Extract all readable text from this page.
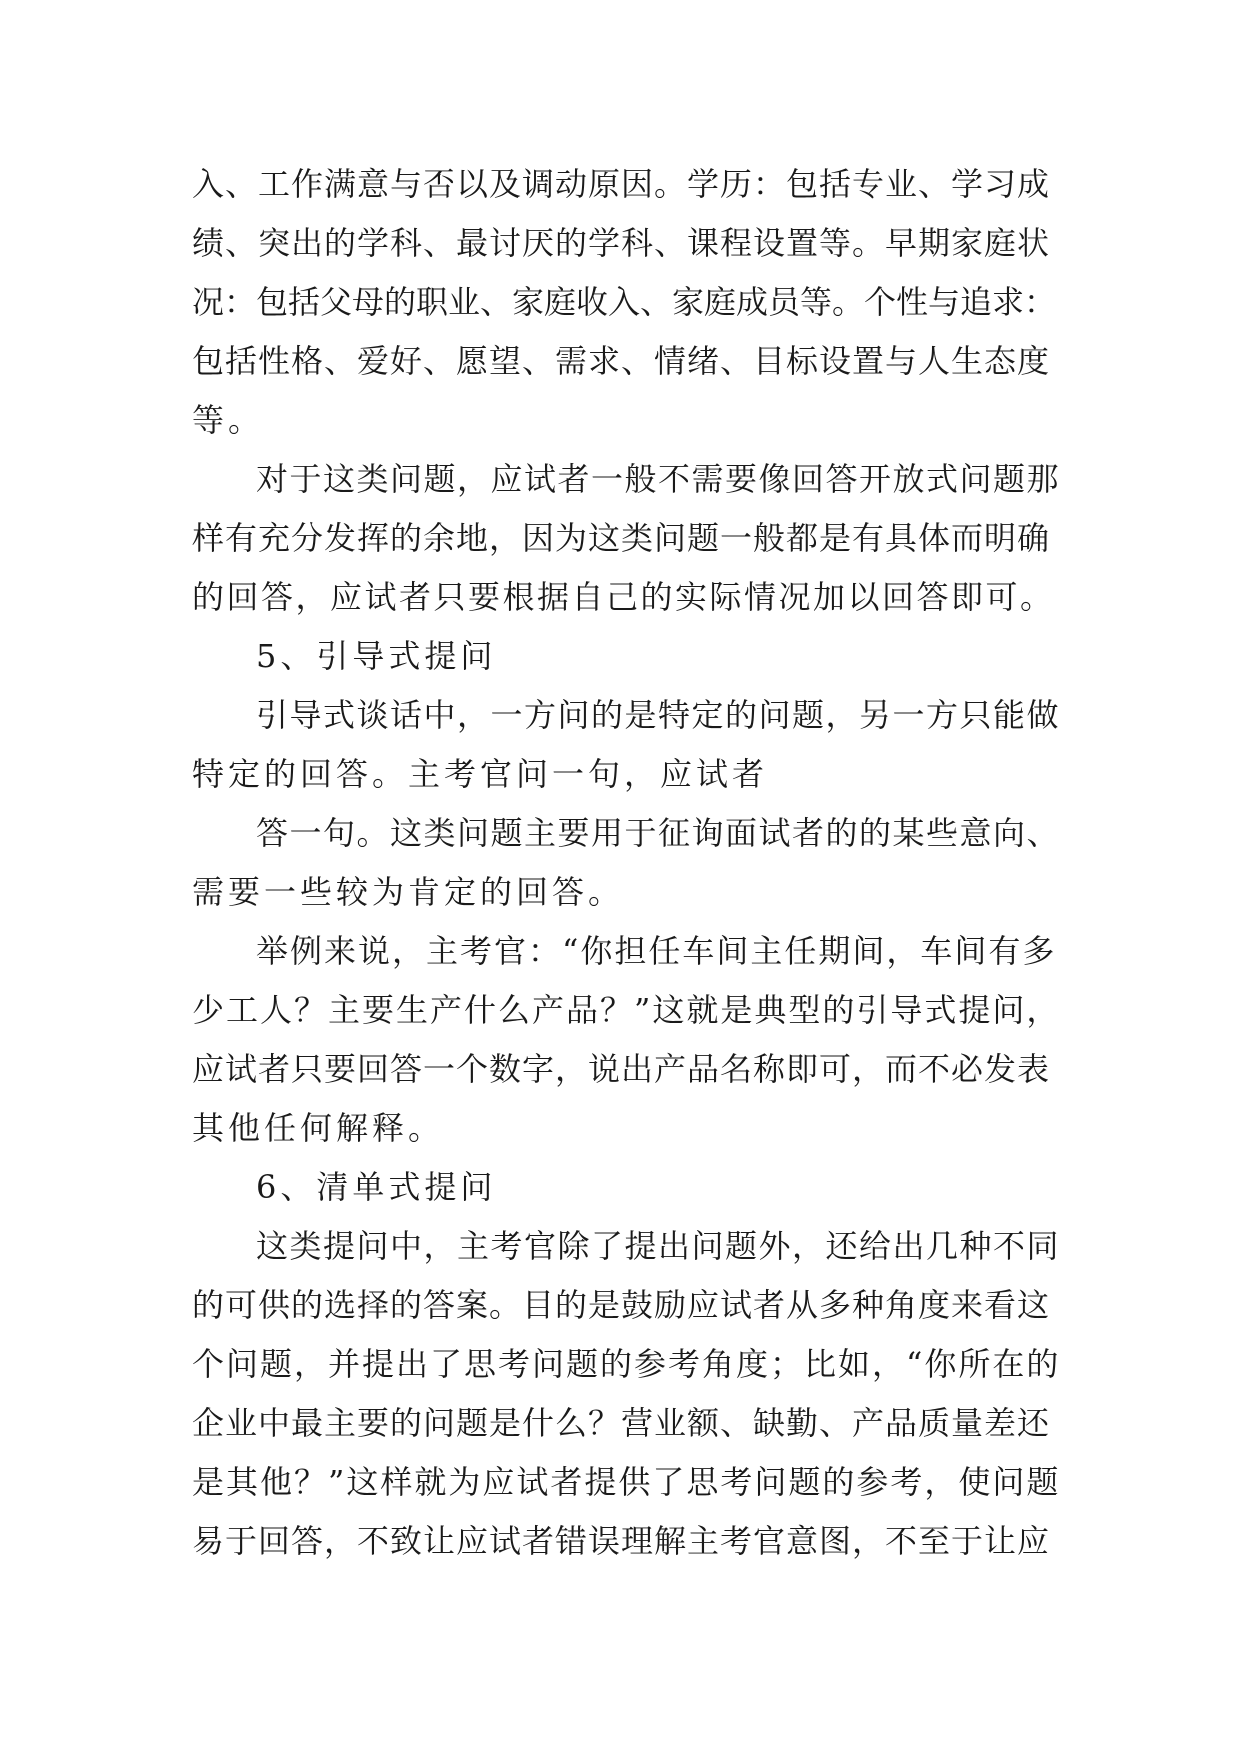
入、工作满意与否以及调动原因。学历：包括专业、学习成
绩、突出的学科、最讨厌的学科、课程设置等。早期家庭状
况：包括父母的职业、家庭收入、家庭成员等。个性与追求：
包括性格、爱好、愿望、需求、情绪、目标设置与人生态度
等。
对于这类问题，应试者一般不需要像回答开放式问题那
样有充分发挥的余地，因为这类问题一般都是有具体而明确
的回答，应试者只要根据自己的实际情况加以回答即可。
5、引导式提问
引导式谈话中，一方问的是特定的问题，另一方只能做
特定的回答。主考官问一句，应试者
答一句。这类问题主要用于征询面试者的的某些意向、
需要一些较为肯定的回答。
举例来说，主考官：“你担任车间主任期间，车间有多
少工人？主要生产什么产品？”这就是典型的引导式提问，
应试者只要回答一个数字，说出产品名称即可，而不必发表
其他任何解释。
6、清单式提问
这类提问中，主考官除了提出问题外，还给出几种不同
的可供的选择的答案。目的是鼓励应试者从多种角度来看这
个问题，并提出了思考问题的参考角度；比如，“你所在的
企业中最主要的问题是什么？营业额、缺勤、产品质量差还
是其他？”这样就为应试者提供了思考问题的参考，使问题
易于回答，不致让应试者错误理解主考官意图，不至于让应
